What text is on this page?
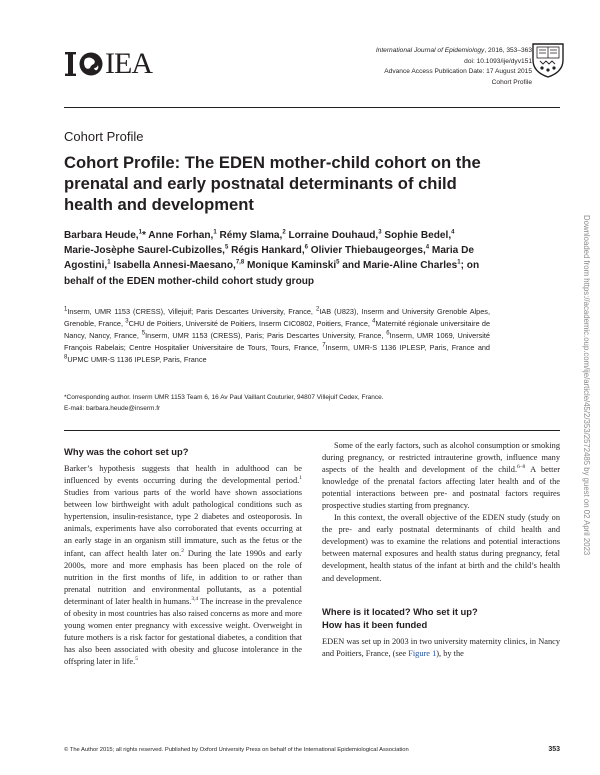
IEA	International Journal of Epidemiology, 2016, 353–363
doi: 10.1093/ije/dyv151
Advance Access Publication Date: 17 August 2015
Cohort Profile
Cohort Profile
Cohort Profile: The EDEN mother-child cohort on the prenatal and early postnatal determinants of child health and development

Barbara Heude,$^1$* Anne Forhan,$^1$ Rémy Slama,$^2$ Lorraine Douhaud,$^3$ Sophie Bedel,$^4$ Marie-Josèphe Saurel-Cubizolles,$^5$ Régis Hankard,$^6$ Olivier Thiebaugeorges,$^4$ Maria De Agostini,$^1$ Isabella Annesi-Maesano,$^{7,8}$ Monique Kaminski$^5$ and Marie-Aline Charles$^1$; on behalf of the EDEN mother-child cohort study group

$^1$Inserm, UMR 1153 (CRESS), Villejuif; Paris Descartes University, France, $^2$IAB (U823), Inserm and University Grenoble Alpes, Grenoble, France, $^3$CHU de Poitiers, Université de Poitiers, Inserm CIC0802, Poitiers, France, $^4$Maternité régionale universitaire de Nancy, Nancy, France, $^5$Inserm, UMR 1153 (CRESS), Paris; Paris Descartes University, France, $^6$Inserm, UMR 1069, Université François Rabelais; Centre Hospitalier Universitaire de Tours, Tours, France, $^7$Inserm, UMR-S 1136 IPLESP, Paris, France and $^8$UPMC UMR-S 1136 IPLESP, Paris, France

*Corresponding author. Inserm UMR 1153 Team 6, 16 Av Paul Vaillant Couturier, 94807 Villejuif Cedex, France.
E-mail: barbara.heude@inserm.fr
Why was the cohort set up?

Barker’s hypothesis suggests that health in adulthood can be influenced by events occurring during the developmental period.$^1$ Studies from various parts of the world have shown associations between low birthweight with adult pathological conditions such as hypertension, insulin-resistance, type 2 diabetes and osteoporosis. In animals, experiments have also corroborated that events occurring at an early stage in an organism still immature, such as the fetus or the infant, can affect health later on.$^2$ During the late 1990s and early 2000s, more and more emphasis has been placed on the role of nutrition in the first months of life, in addition to or rather than prenatal nutrition and environmental pollutants, as a potential determinant of later health in humans.$^{3,4}$ The increase in the prevalence of obesity in most countries has also raised concerns as more and more young women enter pregnancy with excessive weight. Overweight in future mothers is a risk factor for gestational diabetes, a condition that has also been associated with obesity and glucose intolerance in the offspring later in life.$^5$

Some of the early factors, such as alcohol consumption or smoking during pregnancy, or restricted intrauterine growth, influence many aspects of the health and development of the child.$^{6-8}$ A better knowledge of the prenatal factors affecting later health and of the potential interactions between pre- and postnatal factors requires prospective studies starting from pregnancy.

In this context, the overall objective of the EDEN study (study on the pre- and early postnatal determinants of child health and development) was to examine the relations and potential interactions between maternal exposures and health status during pregnancy, fetal development, health status of the infant at birth and the child’s health and development.

Where is it located? Who set it up?
How has it been funded

EDEN was set up in 2003 in two university maternity clinics, in Nancy and Poitiers, France, (see Figure 1), by the

© The Author 2015; all rights reserved. Published by Oxford University Press on behalf of the International Epidemiological Association	353
Downloaded from https://academic.oup.com/ije/article/45/2/353/2572485 by guest on 02 April 2023
